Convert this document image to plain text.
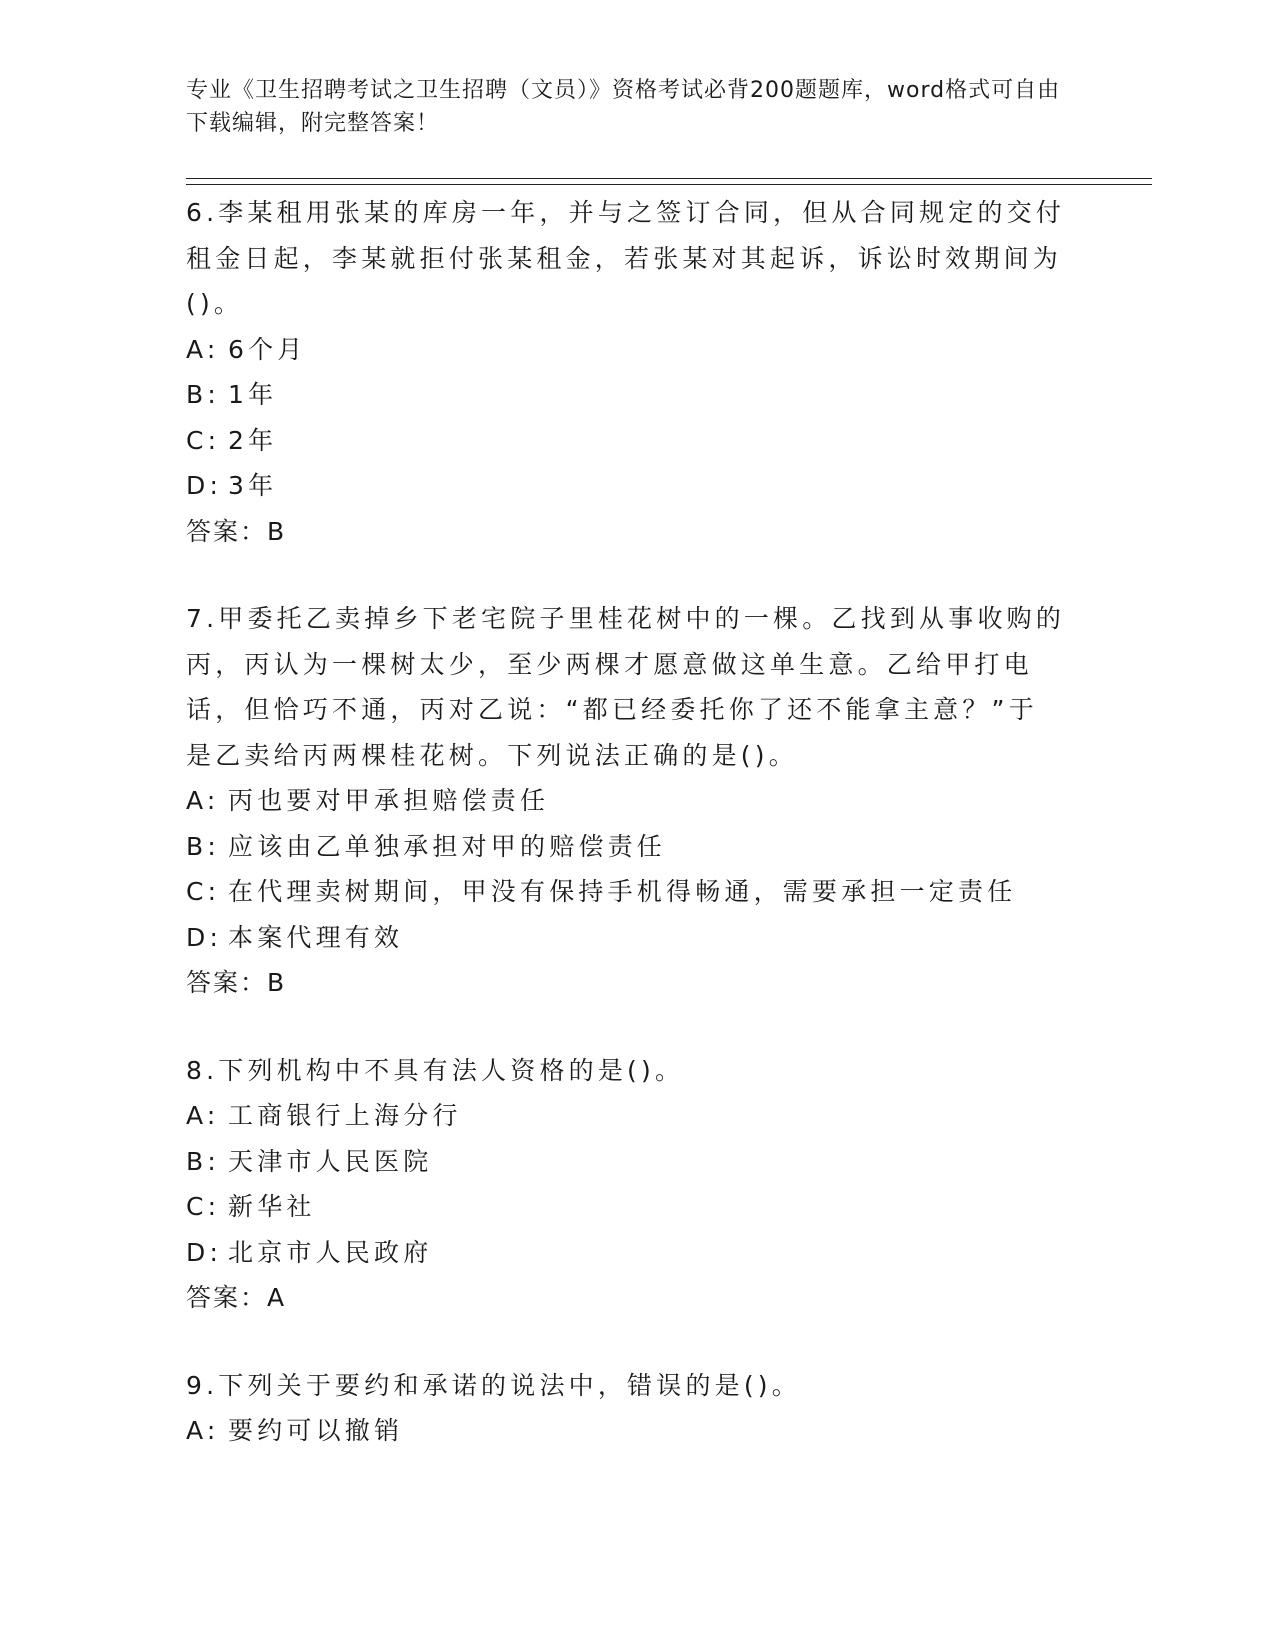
专业《卫生招聘考试之卫生招聘（文员）》资格考试必背200题题库，word格式可自由下载编辑，附完整答案！

6.李某租用张某的库房一年，并与之签订合同，但从合同规定的交付租金日起，李某就拒付张某租金，若张某对其起诉，诉讼时效期间为()。

A: 6个月

B: 1年

C: 2年

D: 3年

答案：B

7.甲委托乙卖掉乡下老宅院子里桂花树中的一棵。乙找到从事收购的丙，丙认为一棵树太少，至少两棵才愿意做这单生意。乙给甲打电话，但恰巧不通，丙对乙说：“都已经委托你了还不能拿主意？”于是乙卖给丙两棵桂花树。下列说法正确的是()。

A: 丙也要对甲承担赔偿责任

B: 应该由乙单独承担对甲的赔偿责任

C: 在代理卖树期间，甲没有保持手机得畅通，需要承担一定责任

D: 本案代理有效

答案：B

8.下列机构中不具有法人资格的是()。

A: 工商银行上海分行

B: 天津市人民医院

C: 新华社

D: 北京市人民政府

答案：A

9.下列关于要约和承诺的说法中，错误的是()。

A: 要约可以撤销
